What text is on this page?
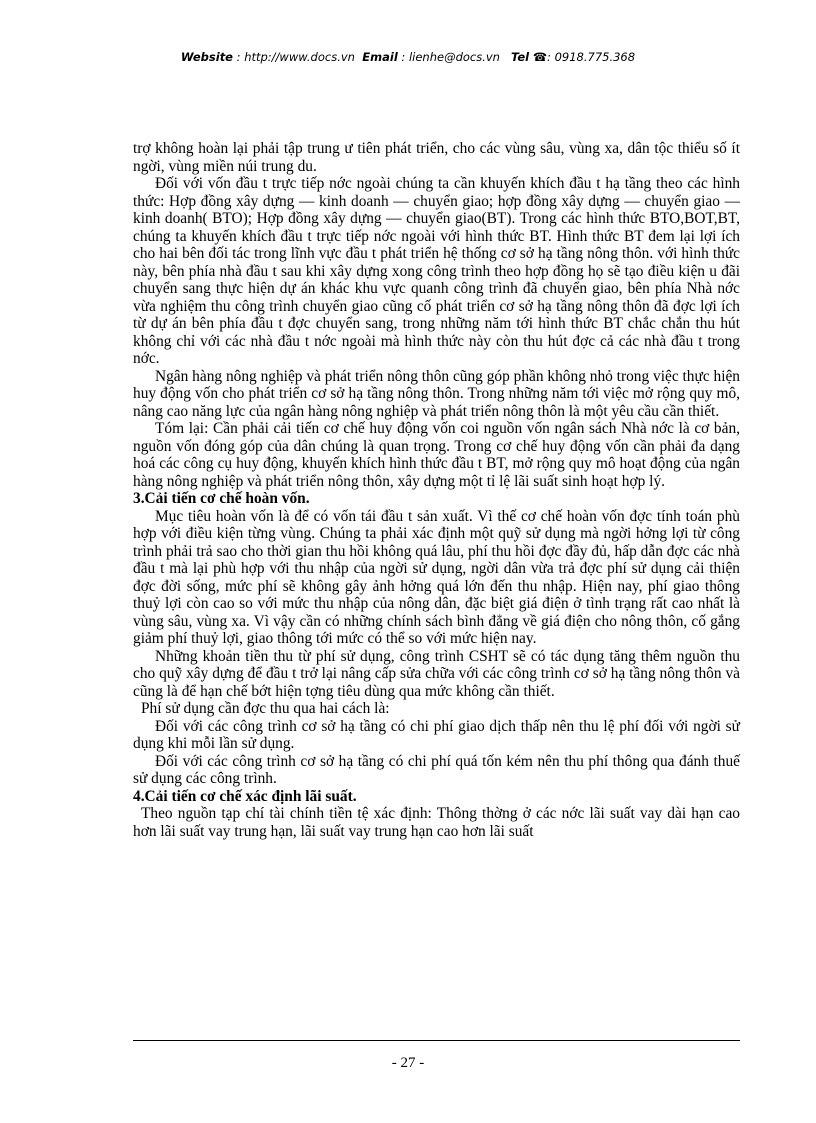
Website : http://www.docs.vn Email : lienhe@docs.vn Tel ☎: 0918.775.368

trợ không hoàn lại phải tập trung ư tiên phát triển, cho các vùng sâu, vùng xa, dân tộc thiểu số ít ngời, vùng miền núi trung du.

Đối với vốn đầu t trực tiếp nớc ngoài chúng ta cần khuyến khích đầu t hạ tầng theo các hình thức: Hợp đồng xây dựng — kinh doanh — chuyển giao; hợp đồng xây dựng — chuyển giao — kinh doanh( BTO); Hợp đồng xây dựng — chuyển giao(BT). Trong các hình thức BTO,BOT,BT, chúng ta khuyến khích đầu t trực tiếp nớc ngoài với hình thức BT. Hình thức BT đem lại lợi ích cho hai bên đối tác trong lĩnh vực đầu t phát triển hệ thống cơ sở hạ tầng nông thôn. với hình thức này, bên phía nhà đầu t sau khi xây dựng xong công trình theo hợp đồng họ sẽ tạo điều kiện u đãi chuyển sang thực hiện dự án khác khu vực quanh công trình đã chuyển giao, bên phía Nhà nớc vừa nghiệm thu công trình chuyển giao cũng cố phát triển cơ sở hạ tầng nông thôn đã đợc lợi ích từ dự án bên phía đầu t đợc chuyển sang, trong những năm tới hình thức BT chắc chắn thu hút không chỉ với các nhà đầu t nớc ngoài mà hình thức này còn thu hút đợc cả các nhà đầu t trong nớc.

Ngân hàng nông nghiệp và phát triển nông thôn cũng góp phần không nhỏ trong việc thực hiện huy động vốn cho phát triển cơ sở hạ tầng nông thôn. Trong những năm tới việc mở rộng quy mô, nâng cao năng lực của ngân hàng nông nghiệp và phát triển nông thôn là một yêu cầu cần thiết.

Tóm lại: Cần phải cải tiến cơ chế huy động vốn coi nguồn vốn ngân sách Nhà nớc là cơ bản, nguồn vốn đóng góp của dân chúng là quan trọng. Trong cơ chế huy động vốn cần phải đa dạng hoá các công cụ huy động, khuyến khích hình thức đầu t BT, mở rộng quy mô hoạt động của ngân hàng nông nghiệp và phát triển nông thôn, xây dựng một tỉ lệ lãi suất sinh hoạt hợp lý.

3.Cải tiến cơ chế hoàn vốn.

Mục tiêu hoàn vốn là để có vốn tái đầu t sản xuất. Vì thế cơ chế hoàn vốn đợc tính toán phù hợp với điều kiện từng vùng. Chúng ta phải xác định một quỹ sử dụng mà ngời hởng lợi từ công trình phải trả sao cho thời gian thu hồi không quá lâu, phí thu hồi đợc đầy đủ, hấp dẫn đợc các nhà đầu t mà lại phù hợp với thu nhập của ngời sử dụng, ngời dân vừa trả đợc phí sử dụng cải thiện đợc đời sống, mức phí sẽ không gây ảnh hởng quá lớn đến thu nhập. Hiện nay, phí giao thông thuỷ lợi còn cao so với mức thu nhập của nông dân, đặc biệt giá điện ở tình trạng rất cao nhất là vùng sâu, vùng xa. Vì vậy cần có những chính sách bình đẳng về giá điện cho nông thôn, cố gắng giảm phí thuỷ lợi, giao thông tới mức có thể so với mức hiện nay.

Những khoản tiền thu từ phí sử dụng, công trình CSHT sẽ có tác dụng tăng thêm nguồn thu cho quỹ xây dựng để đầu t trở lại nâng cấp sửa chữa với các công trình cơ sở hạ tầng nông thôn và cũng là để hạn chế bớt hiện tợng tiêu dùng qua mức không cần thiết.

Phí sử dụng cần đợc thu qua hai cách là:

Đối với các công trình cơ sở hạ tầng có chi phí giao dịch thấp nên thu lệ phí đối với ngời sử dụng khi mỗi lần sử dụng.

Đối với các công trình cơ sở hạ tầng có chi phí quá tốn kém nên thu phí thông qua đánh thuế sử dụng các công trình.

4.Cải tiến cơ chế xác định lãi suất.

Theo nguồn tạp chí tài chính tiền tệ xác định: Thông thờng ở các nớc lãi suất vay dài hạn cao hơn lãi suất vay trung hạn, lãi suất vay trung hạn cao hơn lãi suất

- 27 -
